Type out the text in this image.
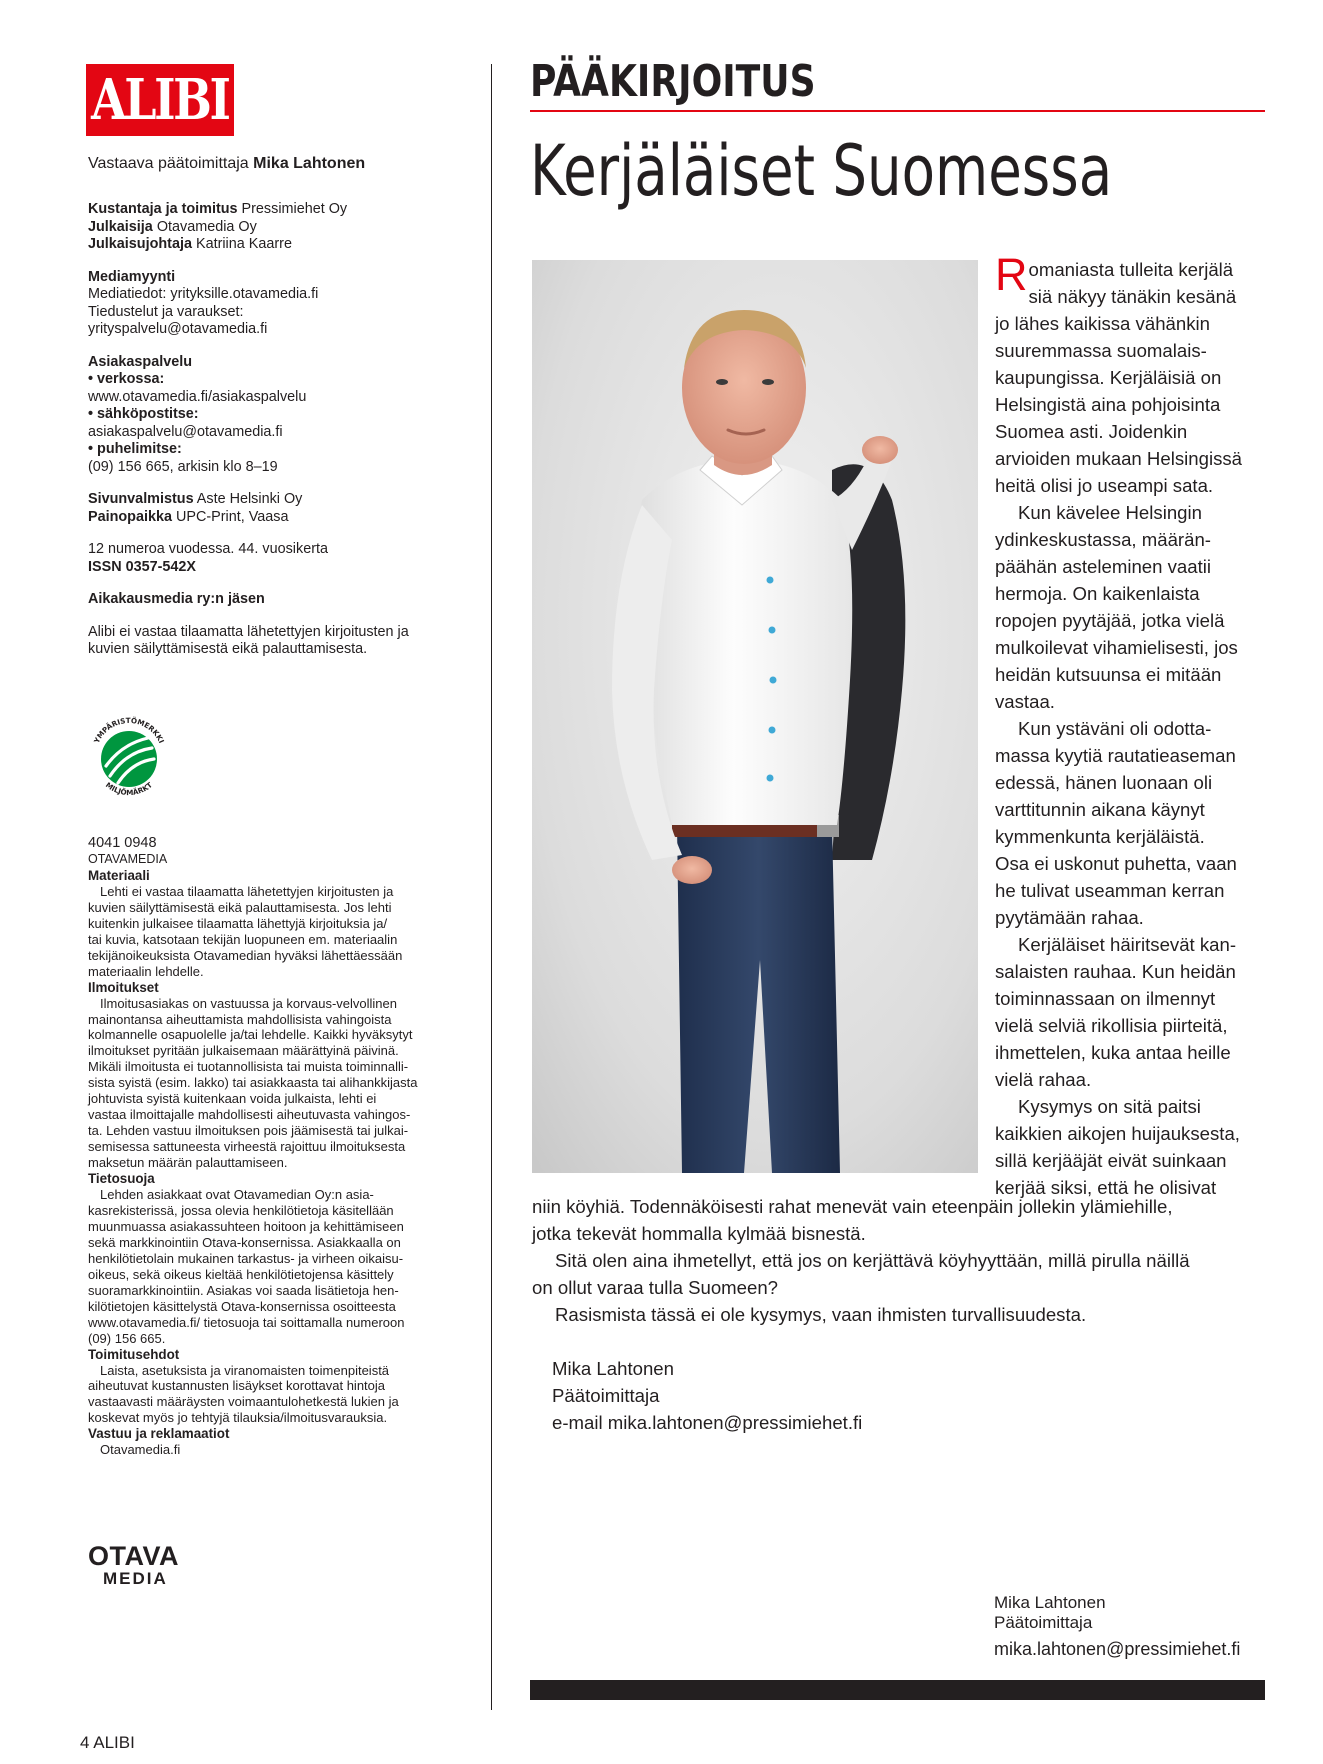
ALIBI
Vastaava päätoimittaja Mika Lahtonen
Kustantaja ja toimitus Pressimiehet Oy
Julkaisija Otavamedia Oy
Julkaisujohtaja Katriina Kaarre
Mediamyynti
Mediatiedot: yrityksille.otavamedia.fi
Tiedustelut ja varaukset:
yrityspalvelu@otavamedia.fi
Asiakaspalvelu
• verkossa:
www.otavamedia.fi/asiakaspalvelu
• sähköpostitse:
asiakaspalvelu@otavamedia.fi
• puhelimitse:
(09) 156 665, arkisin klo 8–19
Sivunvalmistus Aste Helsinki Oy
Painopaikka UPC-Print, Vaasa
12 numeroa vuodessa. 44. vuosikerta
ISSN 0357-542X
Aikakausmedia ry:n jäsen
Alibi ei vastaa tilaamatta lähetettyjen kirjoitusten ja
kuvien säilyttämisestä eikä palauttamisesta.
YMPÄRISTÖMERKKI
MILJÖMÄRKT
4041 0948
OTAVAMEDIA
Materiaali
Lehti ei vastaa tilaamatta lähetettyjen kirjoitusten ja
kuvien säilyttämisestä eikä palauttamisesta. Jos lehti
kuitenkin julkaisee tilaamatta lähettyjä kirjoituksia ja/
tai kuvia, katsotaan tekijän luopuneen em. materiaalin
tekijänoikeuksista Otavamedian hyväksi lähettäessään
materiaalin lehdelle.
Ilmoitukset
Ilmoitusasiakas on vastuussa ja korvaus-velvollinen
mainontansa aiheuttamista mahdollisista vahingoista
kolmannelle osapuolelle ja/tai lehdelle. Kaikki hyväksytyt
ilmoitukset pyritään julkaisemaan määrättyinä päivinä.
Mikäli ilmoitusta ei tuotannollisista tai muista toiminnalli-
sista syistä (esim. lakko) tai asiakkaasta tai alihankkijasta
johtuvista syistä kuitenkaan voida julkaista, lehti ei
vastaa ilmoittajalle mahdollisesti aiheutuvasta vahingos-
ta. Lehden vastuu ilmoituksen pois jäämisestä tai julkai-
semisessa sattuneesta virheestä rajoittuu ilmoituksesta
maksetun määrän palauttamiseen.
Tietosuoja
Lehden asiakkaat ovat Otavamedian Oy:n asia-
kasrekisterissä, jossa olevia henkilötietoja käsitellään
muunmuassa asiakassuhteen hoitoon ja kehittämiseen
sekä markkinointiin Otava-konsernissa. Asiakkaalla on
henkilötietolain mukainen tarkastus- ja virheen oikaisu-
oikeus, sekä oikeus kieltää henkilötietojensa käsittely
suoramarkkinointiin. Asiakas voi saada lisätietoja hen-
kilötietojen käsittelystä Otava-konsernissa osoitteesta
www.otavamedia.fi/ tietosuoja tai soittamalla numeroon
(09) 156 665.
Toimitusehdot
Laista, asetuksista ja viranomaisten toimenpiteistä
aiheutuvat kustannusten lisäykset korottavat hintoja
vastaavasti määräysten voimaantulohetkestä lukien ja
koskevat myös jo tehtyjä tilauksia/ilmoitusvarauksia.
Vastuu ja reklamaatiot
Otavamedia.fi
OTAVA
MEDIA
4 ALIBI
PÄÄKIRJOITUS
Kerjäläiset Suomessa
R omaniasta tulleita kerjälä
siä näkyy tänäkin kesänä
jo lähes kaikissa vähänkin
suuremmassa suomalais-
kaupungissa. Kerjäläisiä on
Helsingistä aina pohjoisinta
Suomea asti. Joidenkin
arvioiden mukaan Helsingissä
heitä olisi jo useampi sata.
Kun kävelee Helsingin
ydinkeskustassa, määrän-
päähän asteleminen vaatii
hermoja. On kaikenlaista
ropojen pyytäjää, jotka vielä
mulkoilevat vihamielisesti, jos
heidän kutsuunsa ei mitään
vastaa.
Kun ystäväni oli odotta-
massa kyytiä rautatieaseman
edessä, hänen luonaan oli
varttitunnin aikana käynyt
kymmenkunta kerjäläistä.
Osa ei uskonut puhetta, vaan
he tulivat useamman kerran
pyytämään rahaa.
Kerjäläiset häiritsevät kan-
salaisten rauhaa. Kun heidän
toiminnassaan on ilmennyt
vielä selviä rikollisia piirteitä,
ihmettelen, kuka antaa heille
vielä rahaa.
Kysymys on sitä paitsi
kaikkien aikojen huijauksesta,
sillä kerjääjät eivät suinkaan
kerjää siksi, että he olisivat
niin köyhiä. Todennäköisesti rahat menevät vain eteenpäin jollekin ylämiehille,
jotka tekevät hommalla kylmää bisnestä.
Sitä olen aina ihmetellyt, että jos on kerjättävä köyhyyttään, millä pirulla näillä
on ollut varaa tulla Suomeen?
Rasismista tässä ei ole kysymys, vaan ihmisten turvallisuudesta.
Mika Lahtonen
Päätoimittaja
e-mail mika.lahtonen@pressimiehet.fi
Mika Lahtonen
Päätoimittaja
mika.lahtonen@pressimiehet.fi
